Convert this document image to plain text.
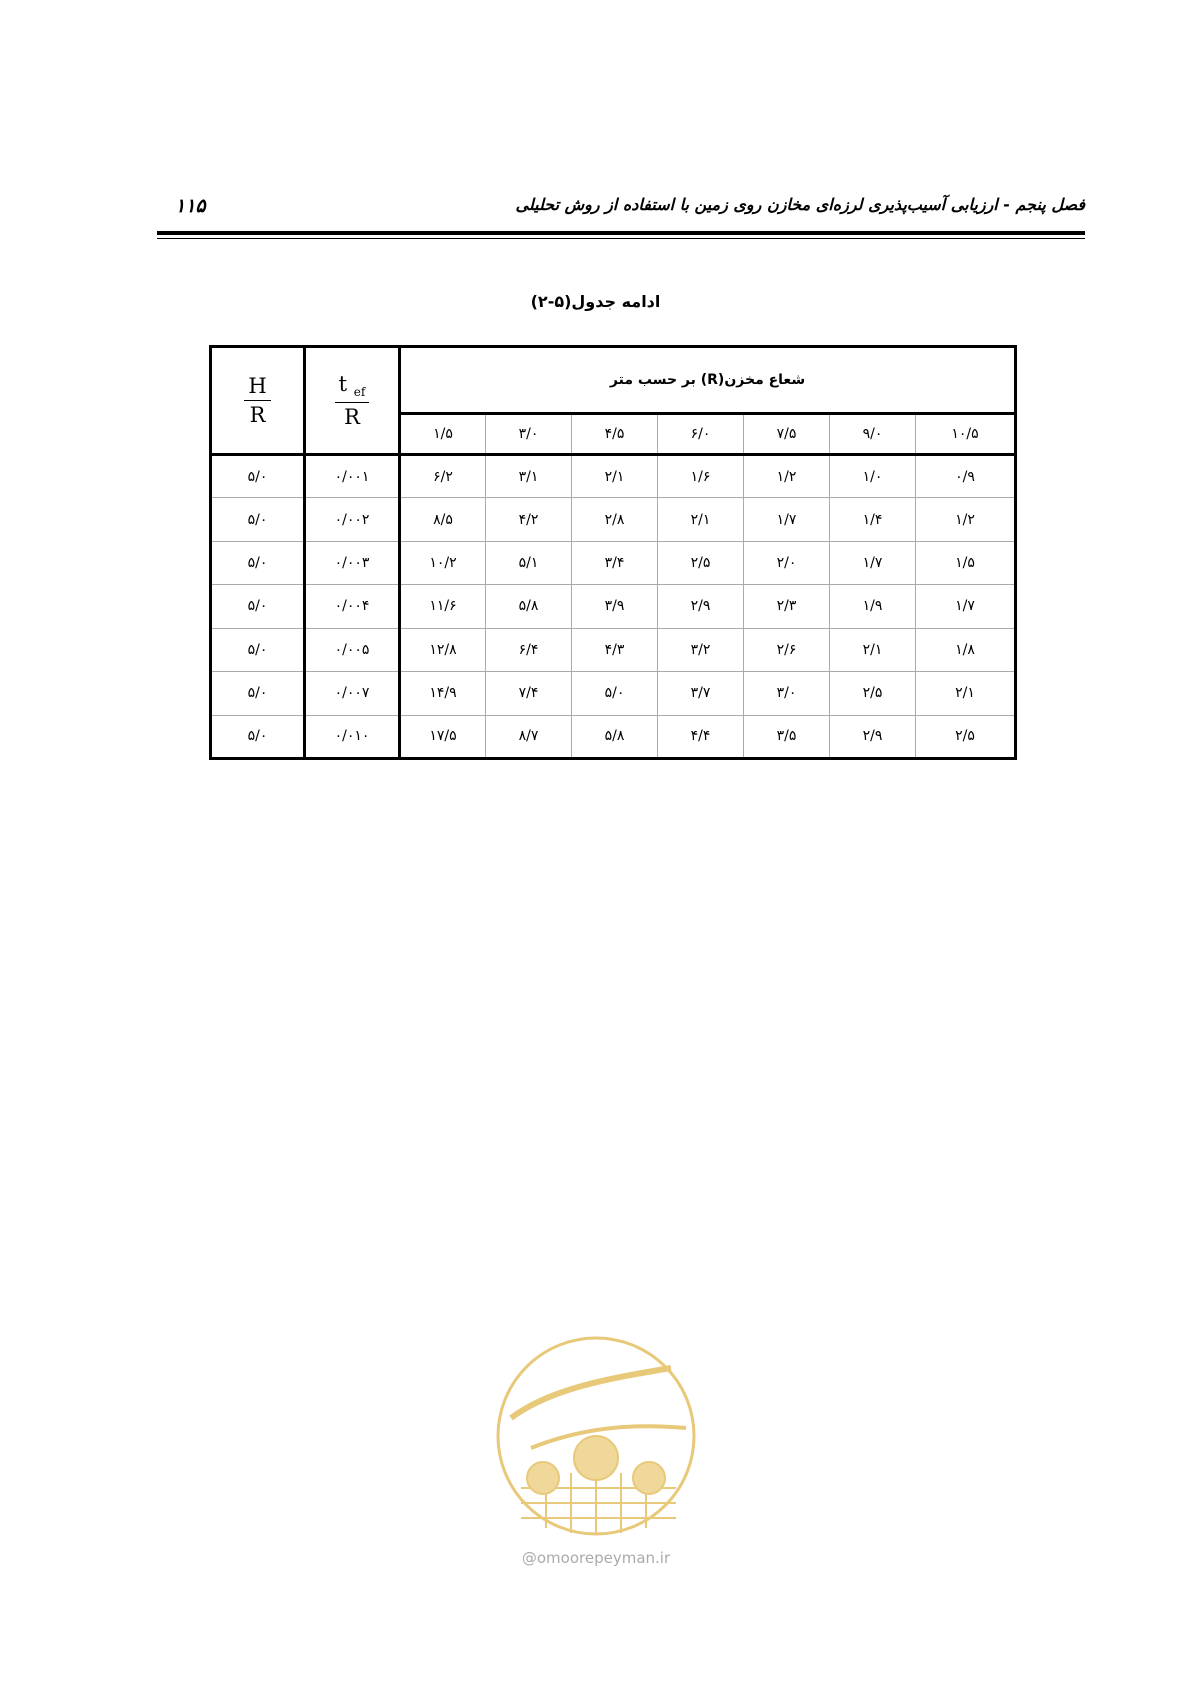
۱۱۵	فصل پنجم - ارزیابی آسیب‌پذیری لرزه‌ای مخازن روی زمین با استفاده از روش تحلیلی
ادامه جدول(۵-۲)
$\frac{H}{R}$	$\frac{t _{ef}}{R}$	شعاع مخزن(R) بر حسب متر						
		۱/۵	۳/۰	۴/۵	۶/۰	۷/۵	۹/۰	۱۰/۵
۵/۰	۰/۰۰۱	۶/۲	۳/۱	۲/۱	۱/۶	۱/۲	۱/۰	۰/۹
۵/۰	۰/۰۰۲	۸/۵	۴/۲	۲/۸	۲/۱	۱/۷	۱/۴	۱/۲
۵/۰	۰/۰۰۳	۱۰/۲	۵/۱	۳/۴	۲/۵	۲/۰	۱/۷	۱/۵
۵/۰	۰/۰۰۴	۱۱/۶	۵/۸	۳/۹	۲/۹	۲/۳	۱/۹	۱/۷
۵/۰	۰/۰۰۵	۱۲/۸	۶/۴	۴/۳	۳/۲	۲/۶	۲/۱	۱/۸
۵/۰	۰/۰۰۷	۱۴/۹	۷/۴	۵/۰	۳/۷	۳/۰	۲/۵	۲/۱
۵/۰	۰/۰۱۰	۱۷/۵	۸/۷	۵/۸	۴/۴	۳/۵	۲/۹	۲/۵
@omoorepeyman.ir
